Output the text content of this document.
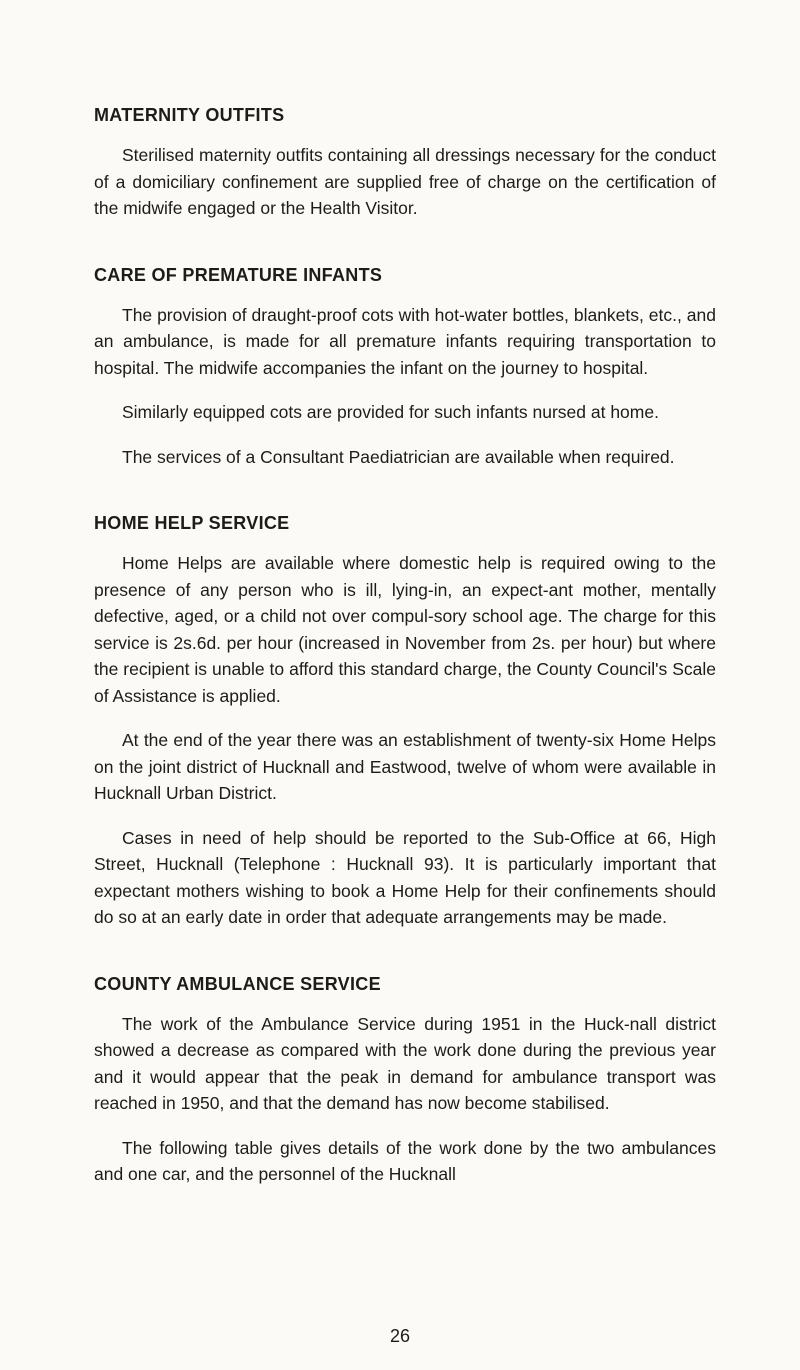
MATERNITY OUTFITS

Sterilised maternity outfits containing all dressings necessary for the conduct of a domiciliary confinement are supplied free of charge on the certification of the midwife engaged or the Health Visitor.

CARE OF PREMATURE INFANTS

The provision of draught-proof cots with hot-water bottles, blankets, etc., and an ambulance, is made for all premature infants requiring transportation to hospital. The midwife accompanies the infant on the journey to hospital.

Similarly equipped cots are provided for such infants nursed at home.

The services of a Consultant Paediatrician are available when required.

HOME HELP SERVICE

Home Helps are available where domestic help is required owing to the presence of any person who is ill, lying-in, an expect-ant mother, mentally defective, aged, or a child not over compul-sory school age. The charge for this service is 2s.6d. per hour (increased in November from 2s. per hour) but where the recipient is unable to afford this standard charge, the County Council's Scale of Assistance is applied.

At the end of the year there was an establishment of twenty-six Home Helps on the joint district of Hucknall and Eastwood, twelve of whom were available in Hucknall Urban District.

Cases in need of help should be reported to the Sub-Office at 66, High Street, Hucknall (Telephone : Hucknall 93). It is particularly important that expectant mothers wishing to book a Home Help for their confinements should do so at an early date in order that adequate arrangements may be made.

COUNTY AMBULANCE SERVICE

The work of the Ambulance Service during 1951 in the Huck-nall district showed a decrease as compared with the work done during the previous year and it would appear that the peak in demand for ambulance transport was reached in 1950, and that the demand has now become stabilised.

The following table gives details of the work done by the two ambulances and one car, and the personnel of the Hucknall

26
